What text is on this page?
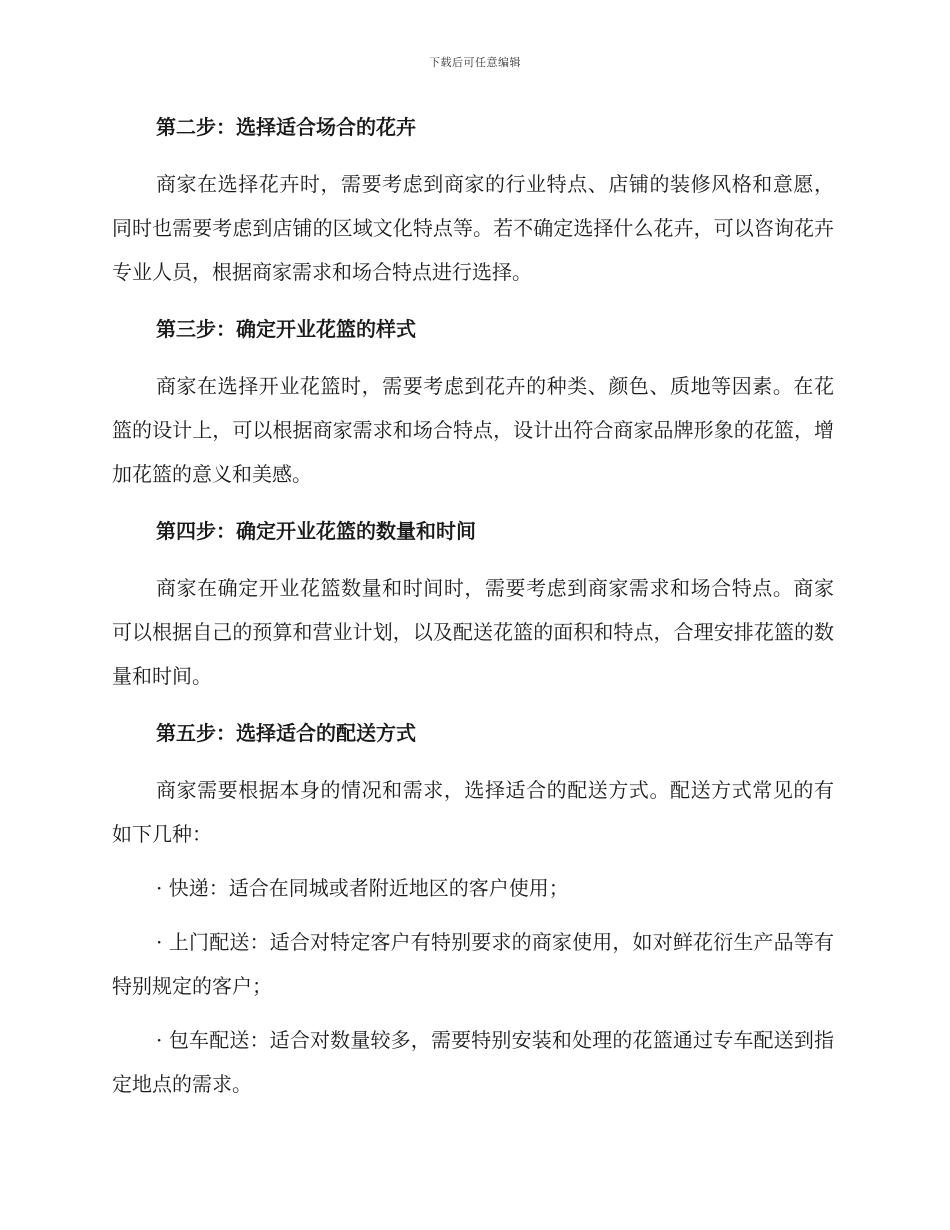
下载后可任意编辑

第二步：选择适合场合的花卉

商家在选择花卉时，需要考虑到商家的行业特点、店铺的装修风格和意愿，同时也需要考虑到店铺的区域文化特点等。若不确定选择什么花卉，可以咨询花卉专业人员，根据商家需求和场合特点进行选择。

第三步：确定开业花篮的样式

商家在选择开业花篮时，需要考虑到花卉的种类、颜色、质地等因素。在花篮的设计上，可以根据商家需求和场合特点，设计出符合商家品牌形象的花篮，增加花篮的意义和美感。

第四步：确定开业花篮的数量和时间

商家在确定开业花篮数量和时间时，需要考虑到商家需求和场合特点。商家可以根据自己的预算和营业计划，以及配送花篮的面积和特点，合理安排花篮的数量和时间。

第五步：选择适合的配送方式

商家需要根据本身的情况和需求，选择适合的配送方式。配送方式常见的有如下几种：

· 快递：适合在同城或者附近地区的客户使用；

· 上门配送：适合对特定客户有特别要求的商家使用，如对鲜花衍生产品等有特别规定的客户；

· 包车配送：适合对数量较多，需要特别安装和处理的花篮通过专车配送到指定地点的需求。
